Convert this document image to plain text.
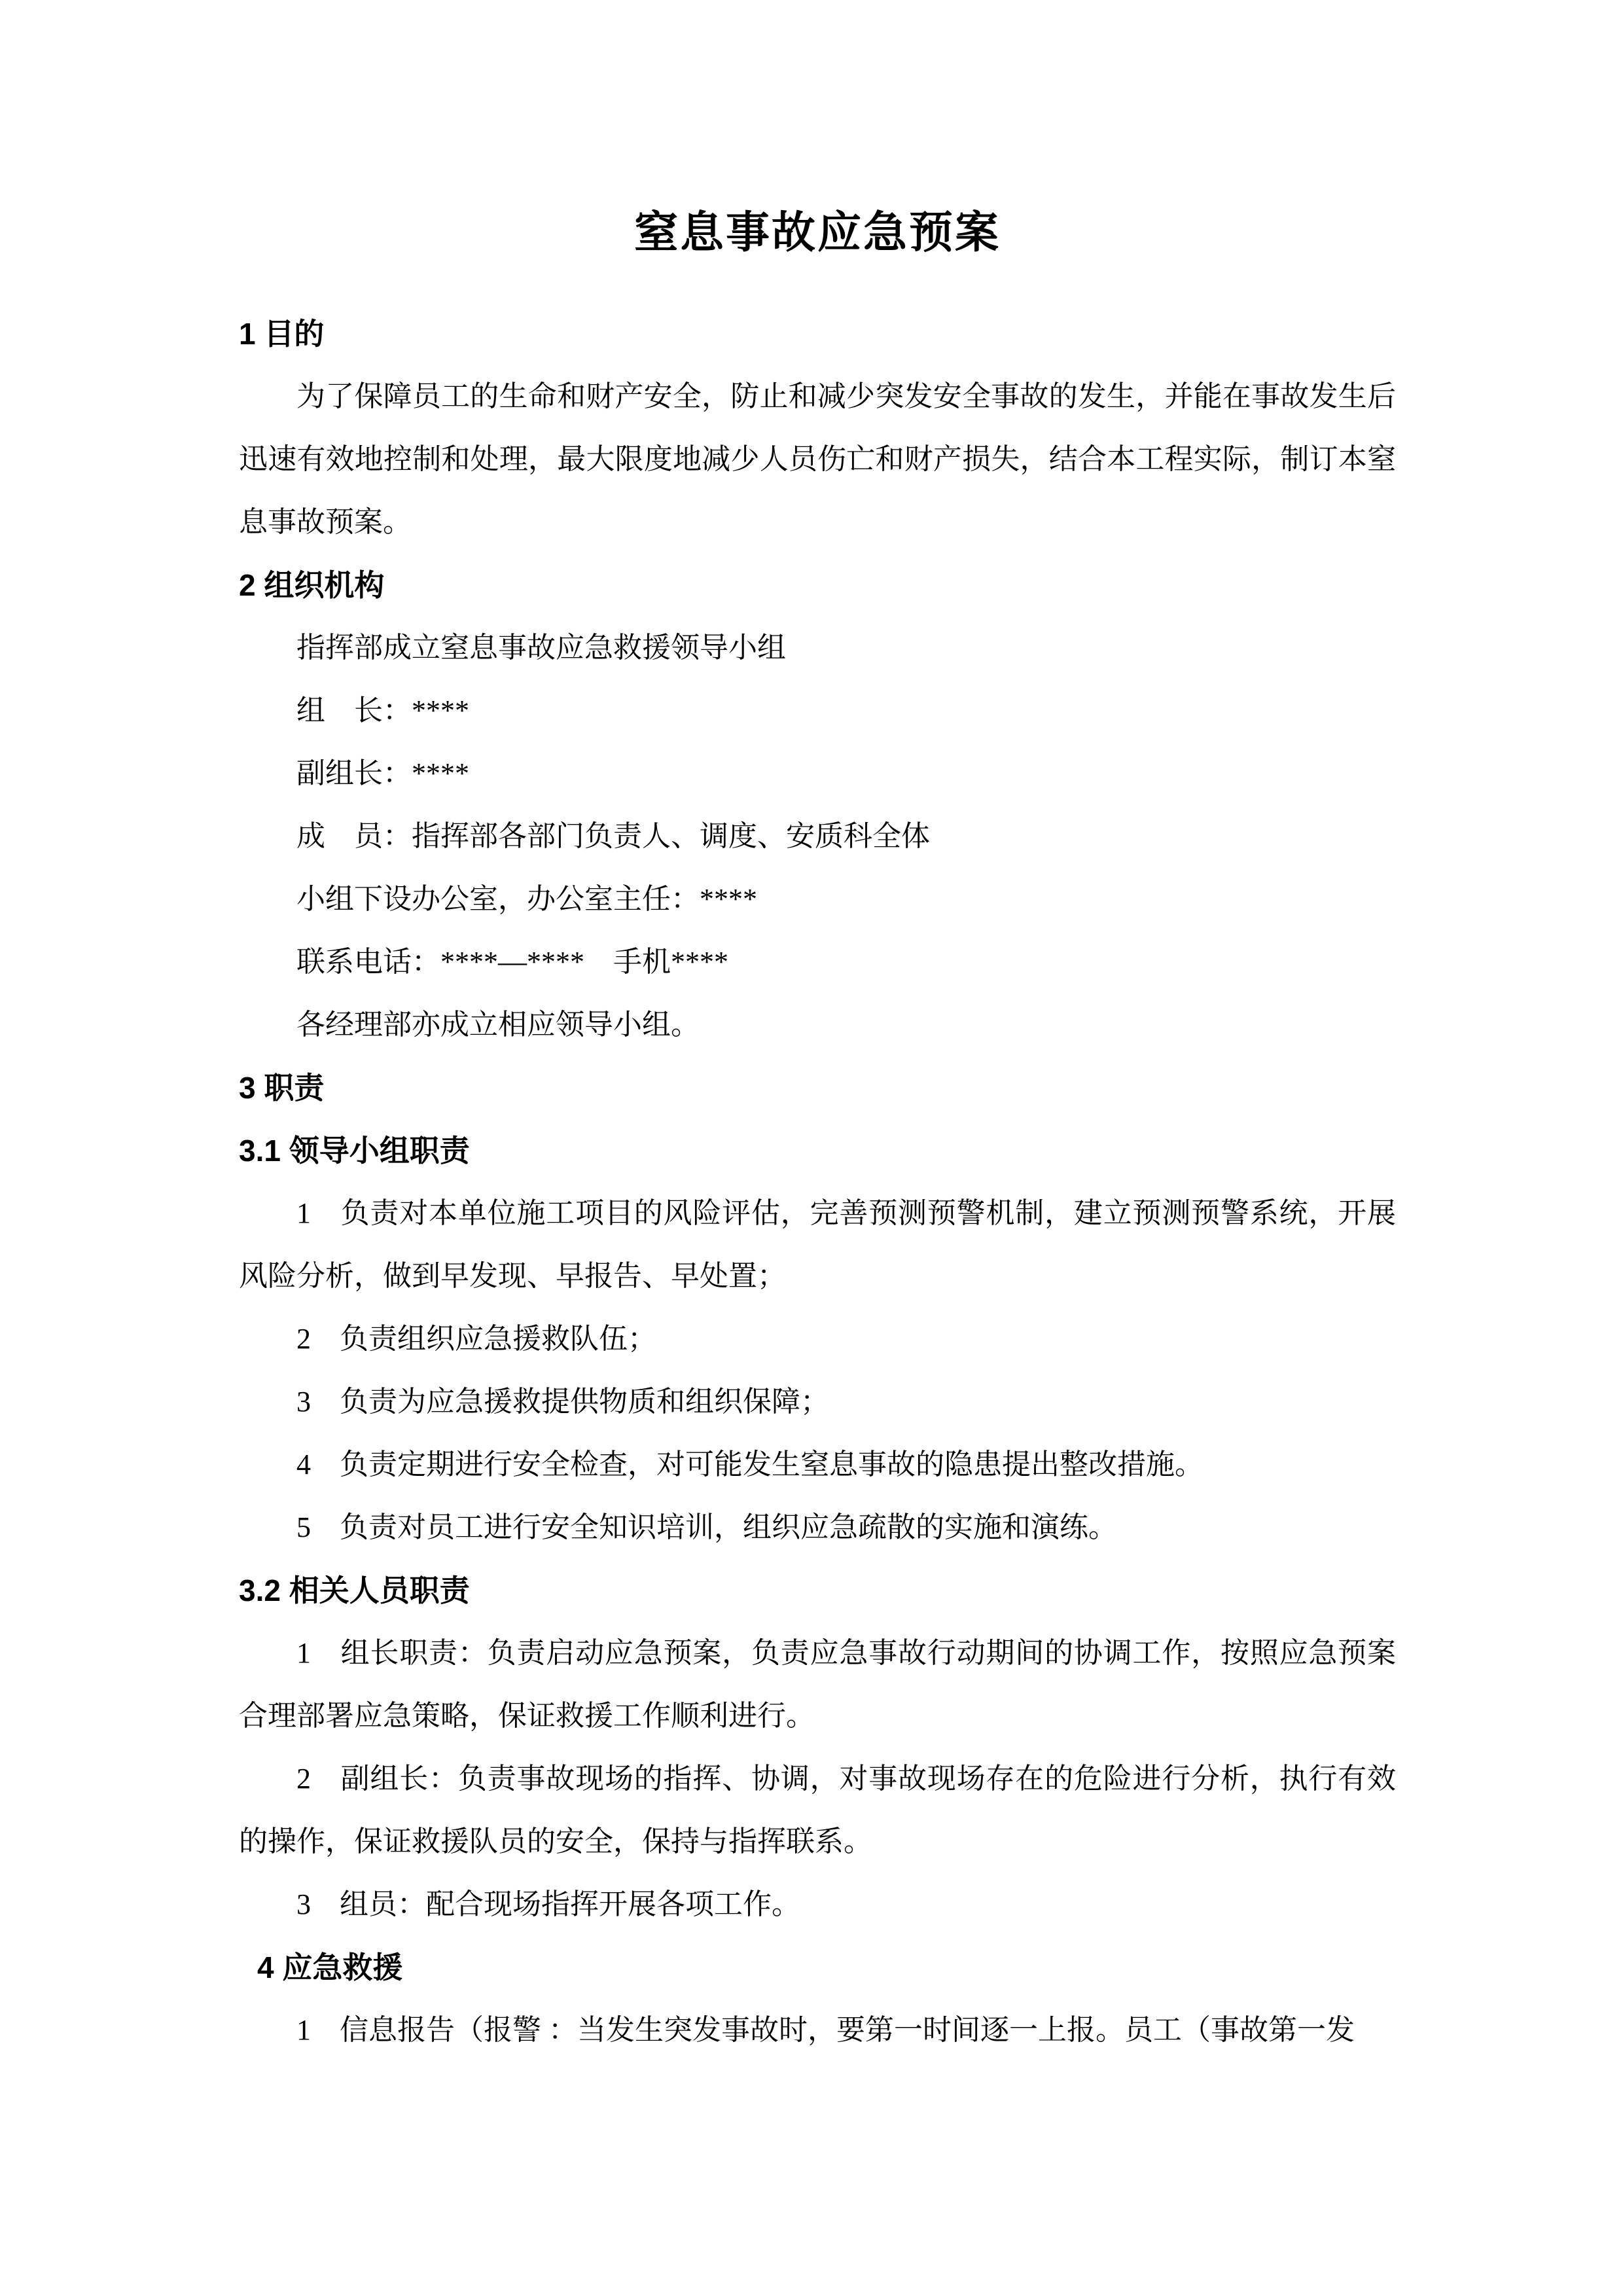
窒息事故应急预案
1 目的
为了保障员工的生命和财产安全，防止和减少突发安全事故的发生，并能在事故发生后迅速有效地控制和处理，最大限度地减少人员伤亡和财产损失，结合本工程实际，制订本窒息事故预案。
2 组织机构
指挥部成立窒息事故应急救援领导小组
组　长：****
副组长：****
成　员：指挥部各部门负责人、调度、安质科全体
小组下设办公室，办公室主任：****
联系电话：****—****　手机****
各经理部亦成立相应领导小组。
3 职责
3.1 领导小组职责
1　负责对本单位施工项目的风险评估，完善预测预警机制，建立预测预警系统，开展风险分析，做到早发现、早报告、早处置；
2　负责组织应急援救队伍；
3　负责为应急援救提供物质和组织保障；
4　负责定期进行安全检查，对可能发生窒息事故的隐患提出整改措施。
5　负责对员工进行安全知识培训，组织应急疏散的实施和演练。
3.2 相关人员职责
1　组长职责：负责启动应急预案，负责应急事故行动期间的协调工作，按照应急预案合理部署应急策略，保证救援工作顺利进行。
2　副组长：负责事故现场的指挥、协调，对事故现场存在的危险进行分析，执行有效的操作，保证救援队员的安全，保持与指挥联系。
3　组员：配合现场指挥开展各项工作。
4 应急救援
1　信息报告（报警 ：当发生突发事故时，要第一时间逐一上报。员工（事故第一发
